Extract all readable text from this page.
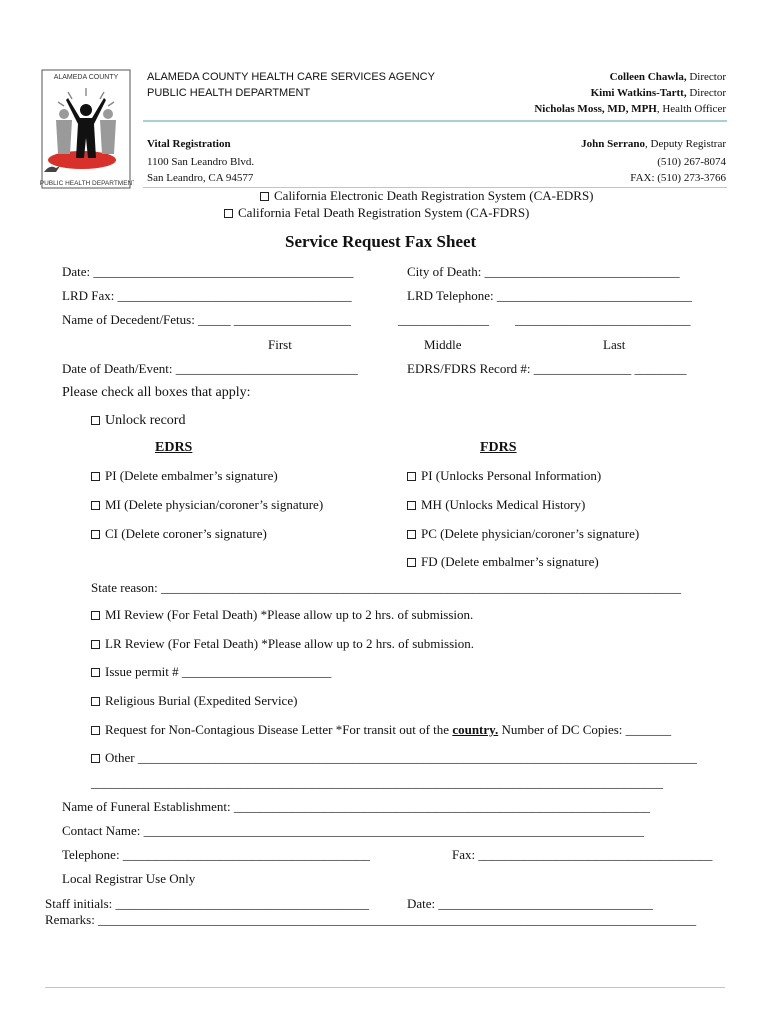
ALAMEDA COUNTY
PUBLIC HEALTH DEPARTMENT
ALAMEDA COUNTY HEALTH CARE SERVICES AGENCY
PUBLIC HEALTH DEPARTMENT
Colleen Chawla, Director
Kimi Watkins-Tartt, Director
Nicholas Moss, MD, MPH, Health Officer
Vital Registration
1100 San Leandro Blvd.
San Leandro, CA 94577
John Serrano, Deputy Registrar
(510) 267-8074
FAX: (510) 273-3766
California Electronic Death Registration System (CA-EDRS)
California Fetal Death Registration System (CA-FDRS)
Service Request Fax Sheet
Date: ________________________________________	City of Death: ______________________________
LRD Fax: ____________________________________	LRD Telephone: ______________________________
Name of Decedent/Fetus: _____ __________________	______________ ___________________________
First	Middle	Last
Date of Death/Event: ____________________________	EDRS/FDRS Record #: _______________ ________
Please check all boxes that apply:
Unlock record
EDRS	FDRS
PI (Delete embalmer’s signature)
MI (Delete physician/coroner’s signature)
CI (Delete coroner’s signature)
PI (Unlocks Personal Information)
MH (Unlocks Medical History)
PC (Delete physician/coroner’s signature)
FD (Delete embalmer’s signature)
State reason: ________________________________________________________________________________
MI Review (For Fetal Death) *Please allow up to 2 hrs. of submission.
LR Review (For Fetal Death) *Please allow up to 2 hrs. of submission.
Issue permit # _______________________
Religious Burial (Expedited Service)
Request for Non-Contagious Disease Letter *For transit out of the country. Number of DC Copies: _______
Other ______________________________________________________________________________________
________________________________________________________________________________________
Name of Funeral Establishment: ________________________________________________________________
Contact Name: _____________________________________________________________________________
Telephone: ______________________________________	Fax: ____________________________________
Local Registrar Use Only
Staff initials: _______________________________________	Date: _________________________________
Remarks: ____________________________________________________________________________________________
